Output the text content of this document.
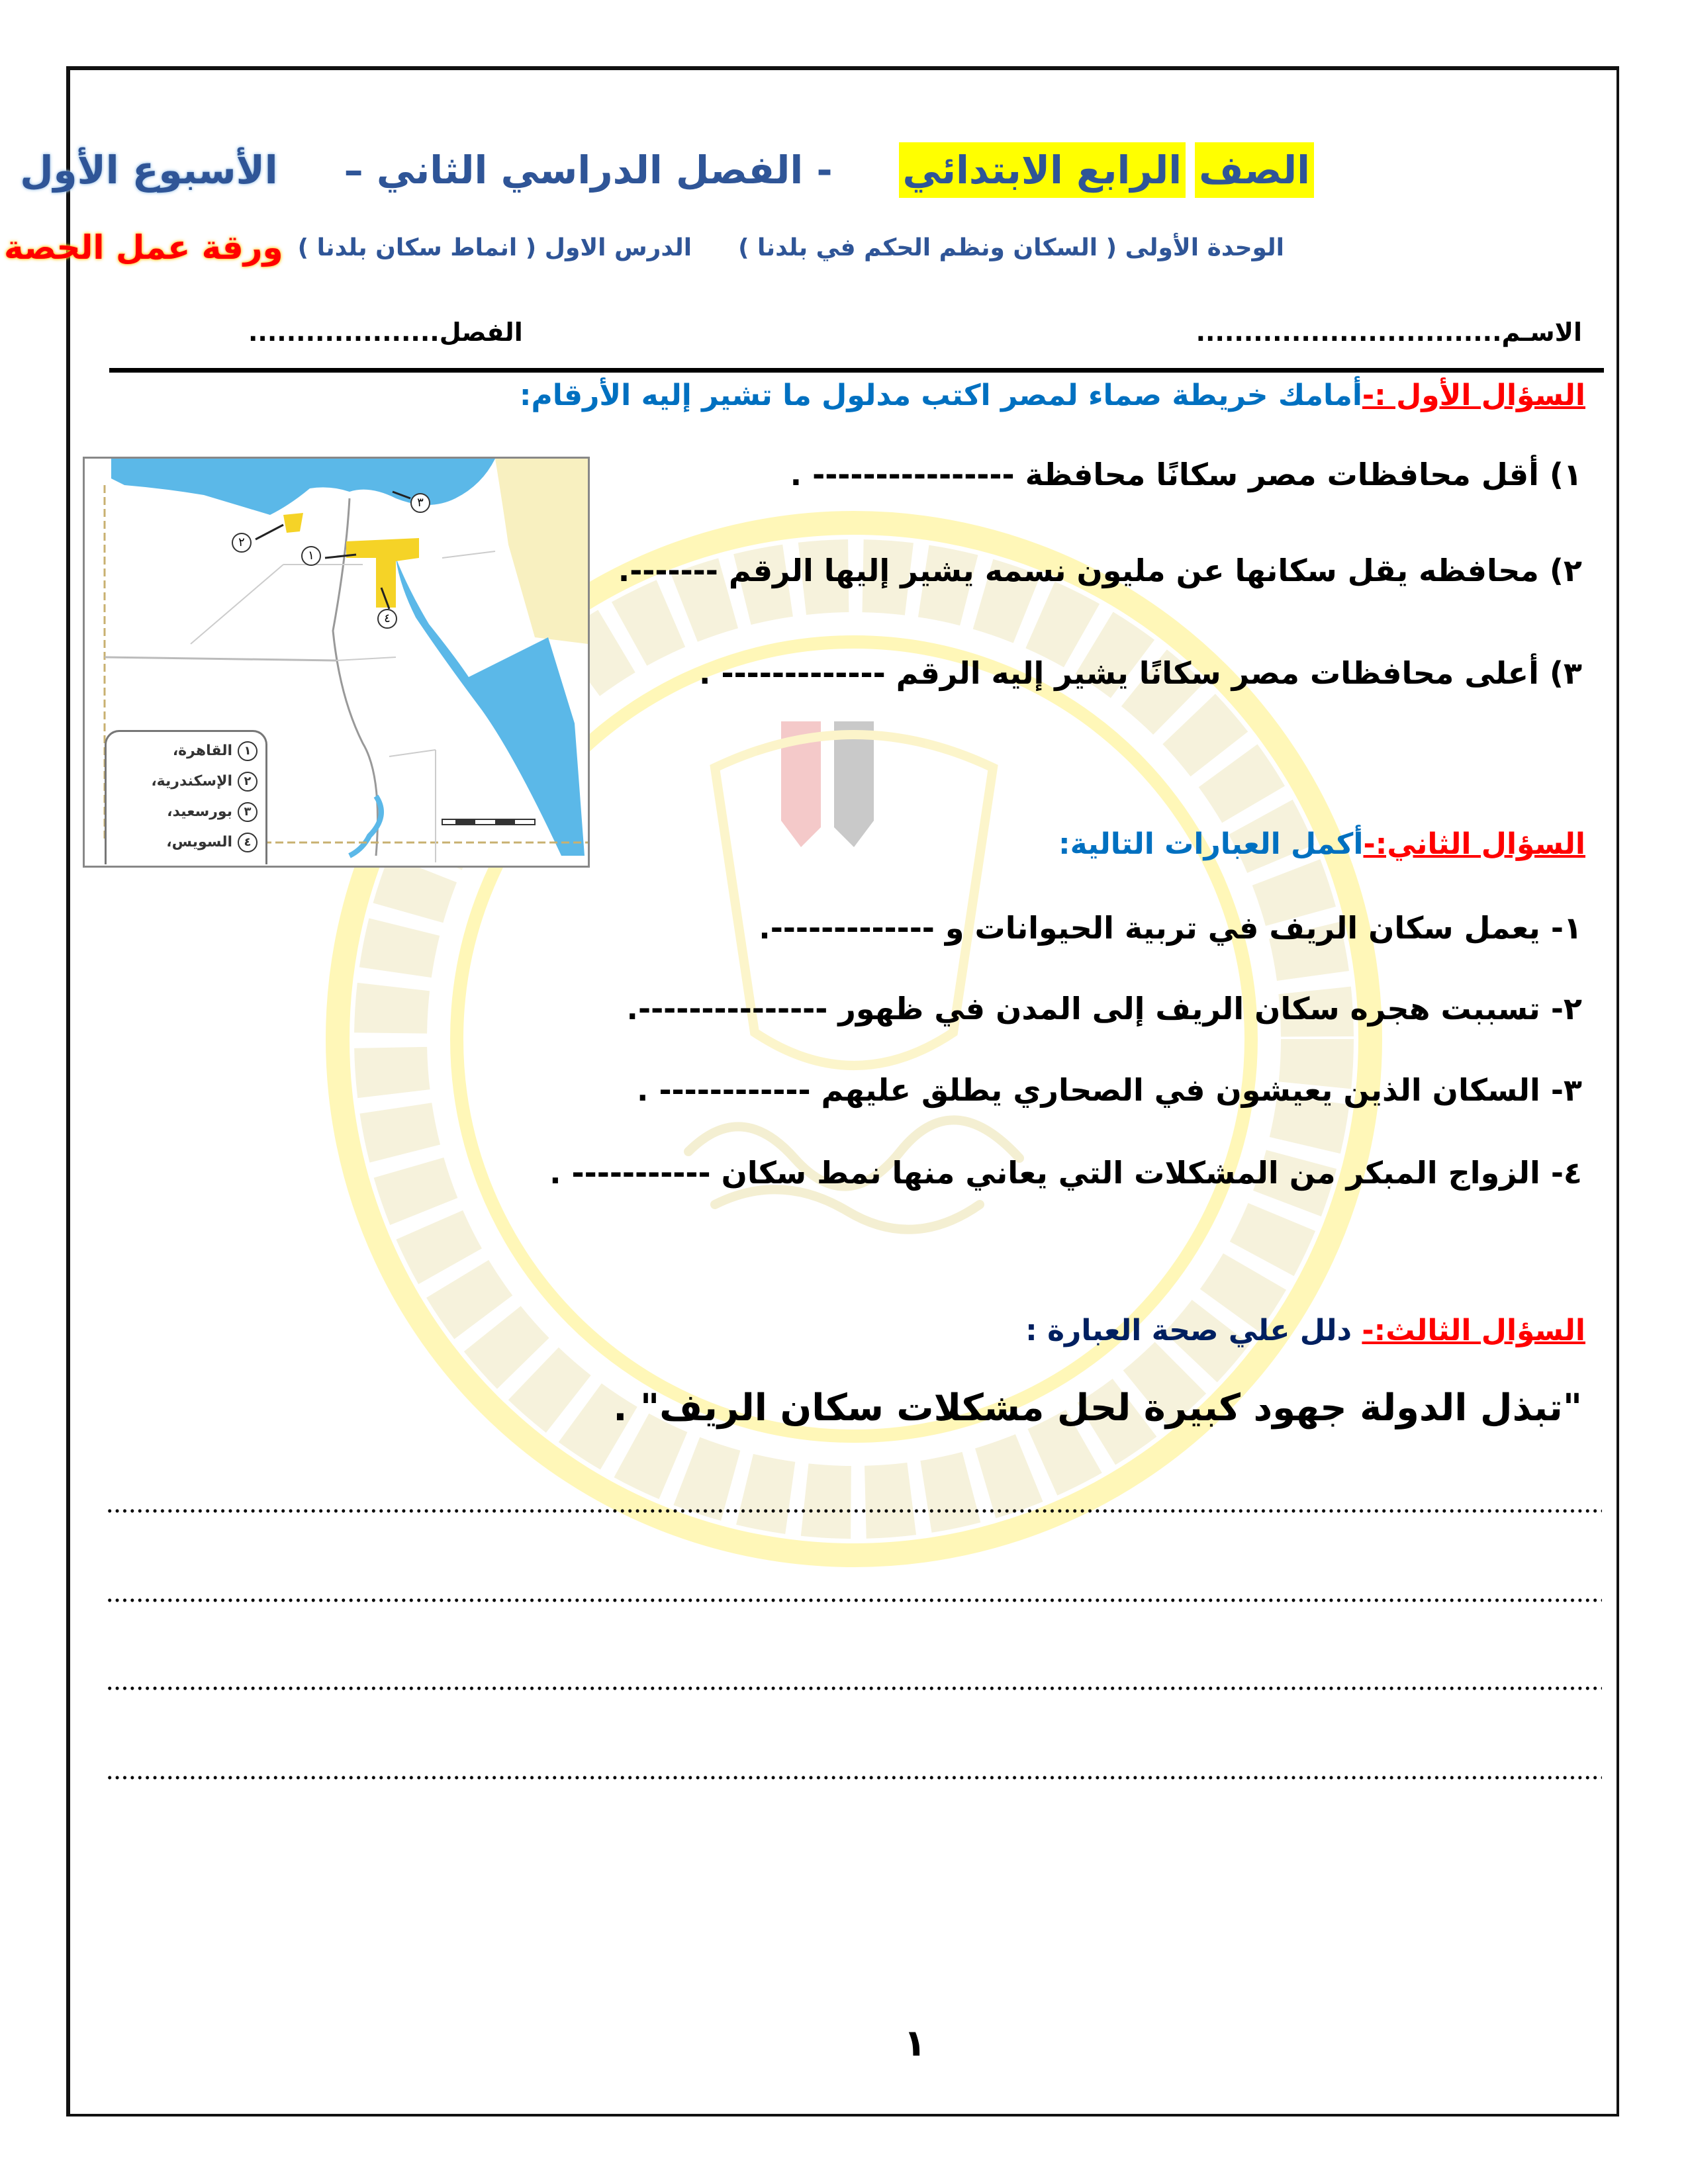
الصف
الرابع الابتدائي
- الفصل الدراسي الثاني –
الأسبوع الأول
الوحدة الأولى ( السكان ونظم الحكم في بلدنا )
الدرس الاول ( انماط سكان بلدنا )
ورقة عمل الحصة
الاسـم................................
الفصل....................
السؤال الأول :-أمامك خريطة صماء لمصر اكتب مدلول ما تشير إليه الأرقام:
١) أقل محافظات مصر سكانًا محافظة ---------------- .
٢) محافظه يقل سكانها عن مليون نسمه يشير إليها الرقم -------.
٣) أعلى محافظات مصر سكانًا يشير إليه الرقم ------------- .
٢
١
٣
٤
١
القاهرة،
٢
الإسكندرية،
٣
بورسعيد،
٤
السويس،	السؤال الثاني:-أكمل العبارات التالية:
١- يعمل سكان الريف في تربية الحيوانات و -------------.
٢- تسببت هجره سكان الريف إلى المدن في ظهور ---------------.
٣- السكان الذين يعيشون في الصحاري يطلق عليهم ------------ .
٤- الزواج المبكر من المشكلات التي يعاني منها نمط سكان ----------- .
السؤال الثالث:- دلل علي صحة العبارة :
"تبذل الدولة جهود كبيرة لحل مشكلات سكان الريف" .
١
